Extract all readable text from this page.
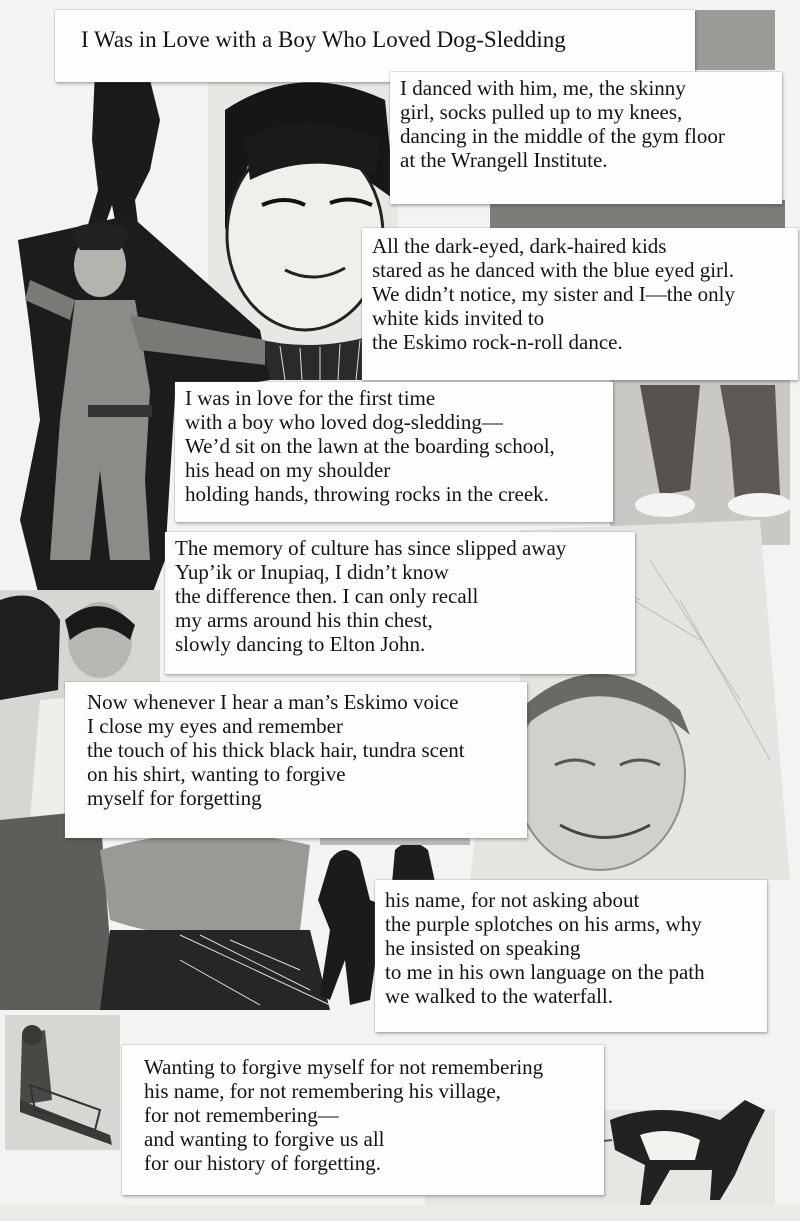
I Was in Love with a Boy Who Loved Dog-Sledding
I danced with him, me, the skinny
girl, socks pulled up to my knees,
dancing in the middle of the gym floor
at the Wrangell Institute.
All the dark-eyed, dark-haired kids
stared as he danced with the blue eyed girl.
We didn’t notice, my sister and I—the only
white kids invited to
the Eskimo rock-n-roll dance.
I was in love for the first time
with a boy who loved dog-sledding—
We’d sit on the lawn at the boarding school,
his head on my shoulder
holding hands, throwing rocks in the creek.
The memory of culture has since slipped away
Yup’ik or Inupiaq, I didn’t know
the difference then. I can only recall
my arms around his thin chest,
slowly dancing to Elton John.
Now whenever I hear a man’s Eskimo voice
I close my eyes and remember
the touch of his thick black hair, tundra scent
on his shirt, wanting to forgive
myself for forgetting
his name, for not asking about
the purple splotches on his arms, why
he insisted on speaking
to me in his own language on the path
we walked to the waterfall.
Wanting to forgive myself for not remembering
his name, for not remembering his village,
for not remembering—
and wanting to forgive us all
for our history of forgetting.
